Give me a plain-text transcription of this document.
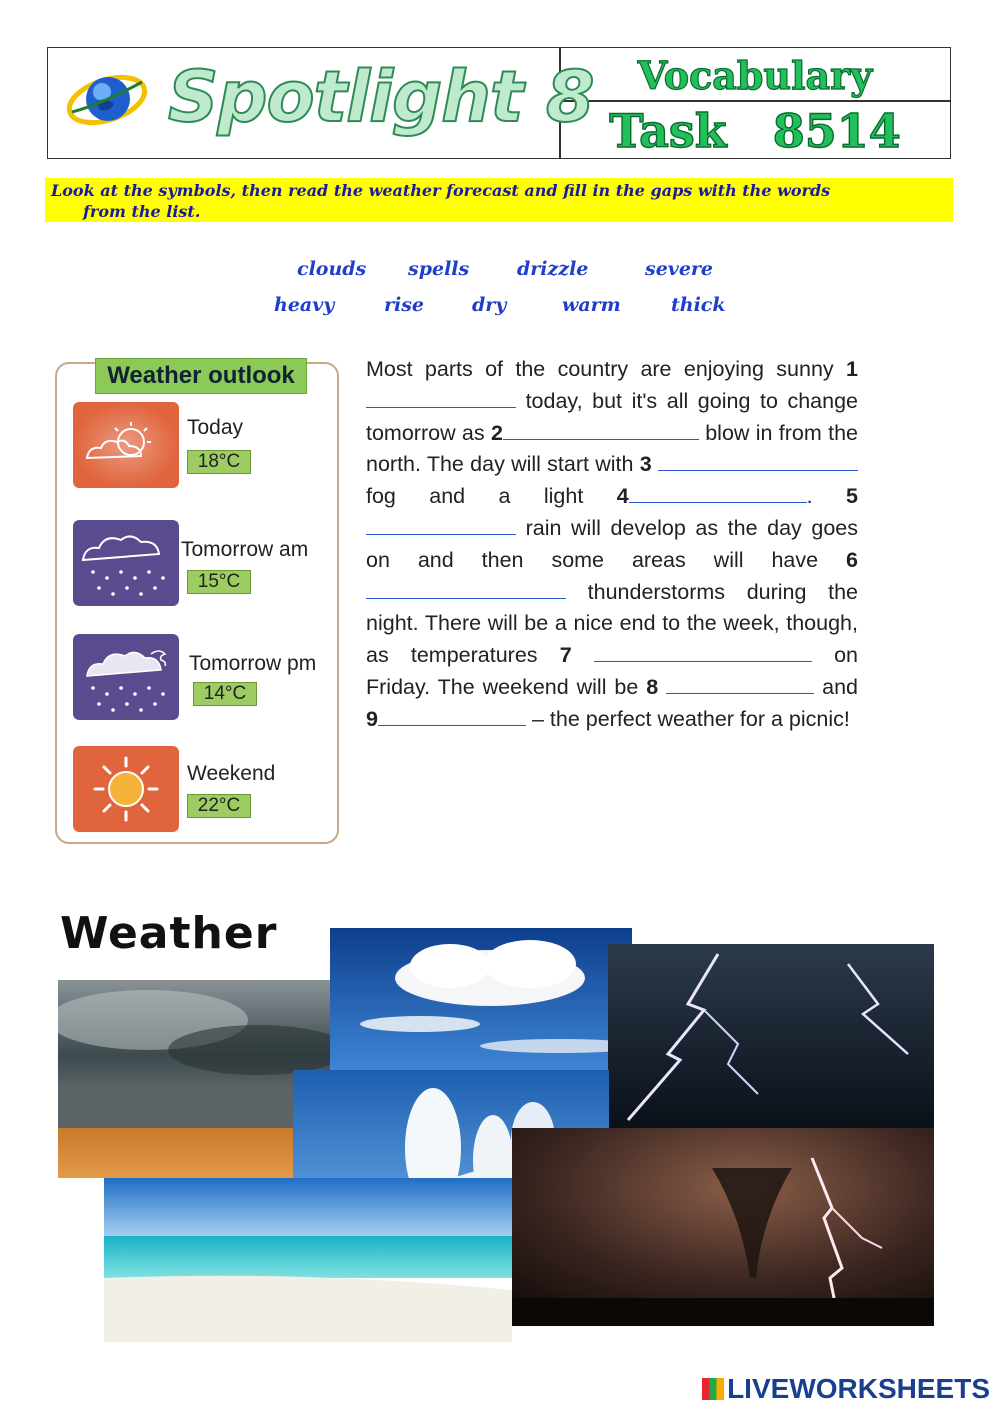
Spotlight 8	Vocabulary
Task 8514
Look at the symbols, then read the weather forecast and fill in the gaps with the words
from the list.
clouds spells	drizzle	severe
heavy	rise	dry	warm	thick
Weather outlook
Today
18°C
Tomorrow am
15°C
Tomorrow pm
14°C
Weekend
22°C
Most parts of the country are enjoying sunny 1 today, but it's all going to change tomorrow as 2	blow in from the north. The day will start with 3  fog and a light 4	. 5  rain will develop as the day goes on and then some areas will have 6 thunderstorms during the night. There will be a nice end to the week, though, as temperatures 7	on Friday. The weekend will be 8	and 9	– the perfect weather for a picnic!
Weather
LIVEWORKSHEETS
